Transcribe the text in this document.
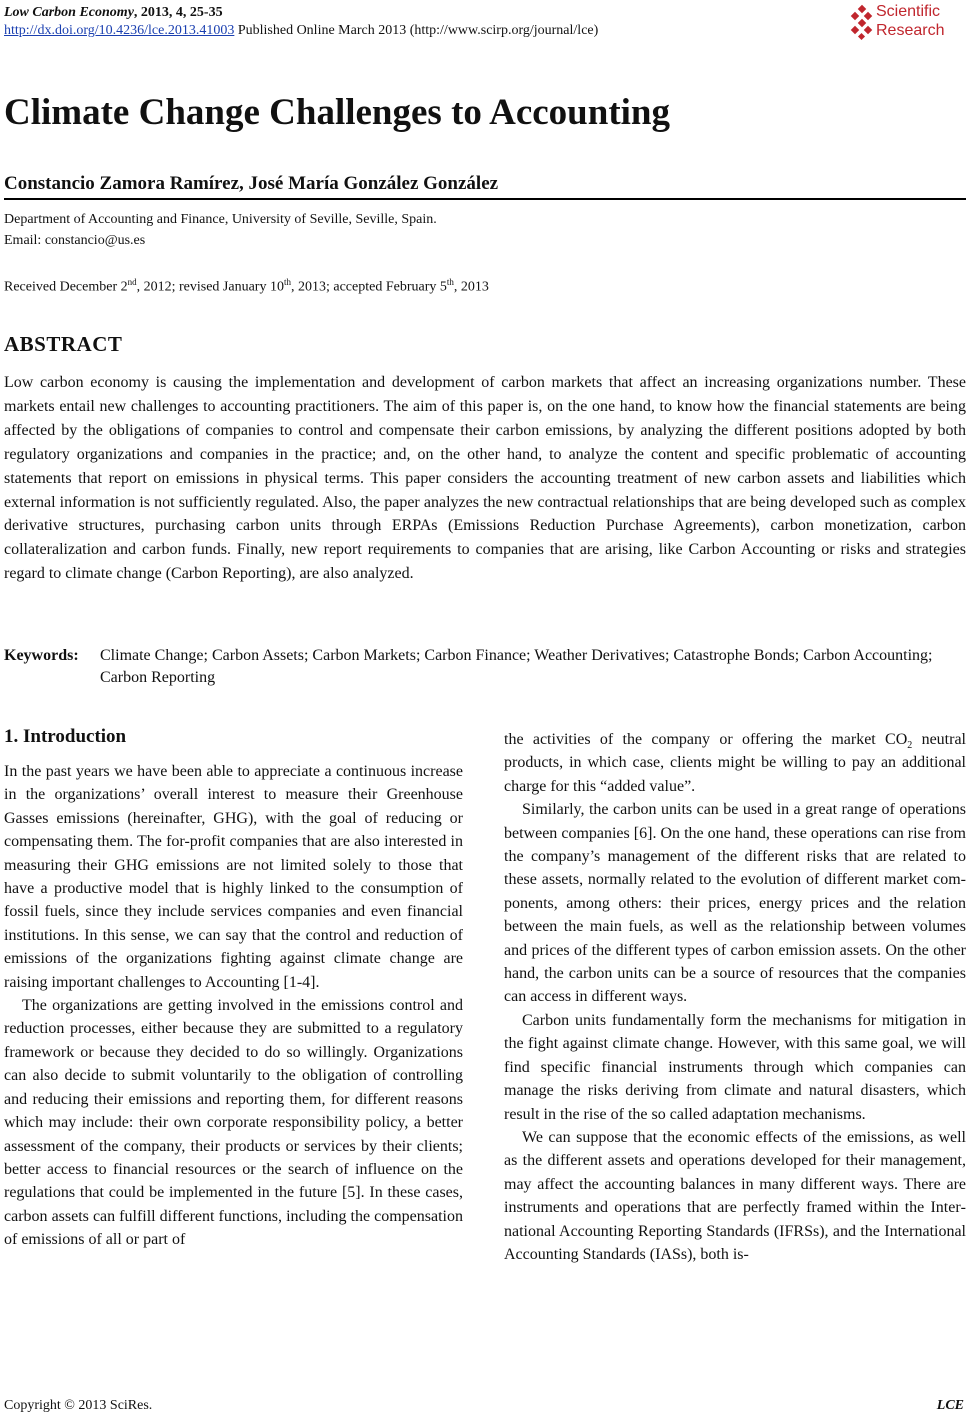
Low Carbon Economy, 2013, 4, 25-35
http://dx.doi.org/10.4236/lce.2013.41003 Published Online March 2013 (http://www.scirp.org/journal/lce)
Scientific
Research
Climate Change Challenges to Accounting
Constancio Zamora Ramírez, José María González González
Department of Accounting and Finance, University of Seville, Seville, Spain.
Email: constancio@us.es
Received December 2nd, 2012; revised January 10th, 2013; accepted February 5th, 2013
ABSTRACT
Low carbon economy is causing the implementation and development of carbon markets that affect an increasing organizations number. These markets entail new challenges to accounting practitioners. The aim of this paper is, on the one hand, to know how the financial statements are being affected by the obligations of companies to control and compensate their carbon emissions, by analyzing the different positions adopted by both regulatory organizations and companies in the practice; and, on the other hand, to analyze the content and specific problematic of accounting statements that report on emissions in physical terms. This paper considers the accounting treatment of new carbon assets and liabilities which external information is not sufficiently regulated. Also, the paper analyzes the new contractual relationships that are being developed such as complex derivative structures, purchasing carbon units through ERPAs (Emissions Reduction Purchase Agreements), carbon monetization, carbon collateralization and carbon funds. Finally, new report requirements to companies that are arising, like Carbon Accounting or risks and strategies regard to climate change (Carbon Reporting), are also analyzed.
Keywords: Climate Change; Carbon Assets; Carbon Markets; Carbon Finance; Weather Derivatives; Catastrophe Bonds; Carbon Accounting; Carbon Reporting
1. Introduction

In the past years we have been able to appreciate a continuous increase in the organizations’ overall interest to measure their Greenhouse Gasses emissions (hereinafter, GHG), with the goal of reducing or compensating them. The for-profit companies that are also interested in measuring their GHG emissions are not limited solely to those that have a productive model that is highly linked to the consumption of fossil fuels, since they include services companies and even financial institutions. In this sense, we can say that the control and reduction of emissions of the organizations fighting against climate change are raising important challenges to Accounting [1-4].

The organizations are getting involved in the emissions control and reduction processes, either because they are submitted to a regulatory framework or because they decided to do so willingly. Organizations can also decide to submit voluntarily to the obligation of controlling and reducing their emissions and reporting them, for different reasons which may include: their own corporate responsibility policy, a better assessment of the company, their products or services by their clients; better access to financial resources or the search of influence on the regulations that could be implemented in the future [5]. In these cases, carbon assets can fulfill different functions, including the compensation of emissions of all or part of

the activities of the company or offering the market $CO_2$ neutral products, in which case, clients might be willing to pay an additional charge for this “added value”.

Similarly, the carbon units can be used in a great range of operations between companies [6]. On the one hand, these operations can rise from the company’s management of the different risks that are related to these assets, normally related to the evolution of different market components, among others: their prices, energy prices and the relation between the main fuels, as well as the relationship between volumes and prices of the different types of carbon emission assets. On the other hand, the carbon units can be a source of resources that the companies can access in different ways.

Carbon units fundamentally form the mechanisms for mitigation in the fight against climate change. However, with this same goal, we will find specific financial instruments through which companies can manage the risks deriving from climate and natural disasters, which result in the rise of the so called adaptation mechanisms.

We can suppose that the economic effects of the emissions, as well as the different assets and operations developed for their management, may affect the accounting balances in many different ways. There are instruments and operations that are perfectly framed within the International Accounting Reporting Standards (IFRSs), and the International Accounting Standards (IASs), both is-

Copyright © 2013 SciRes.	LCE
